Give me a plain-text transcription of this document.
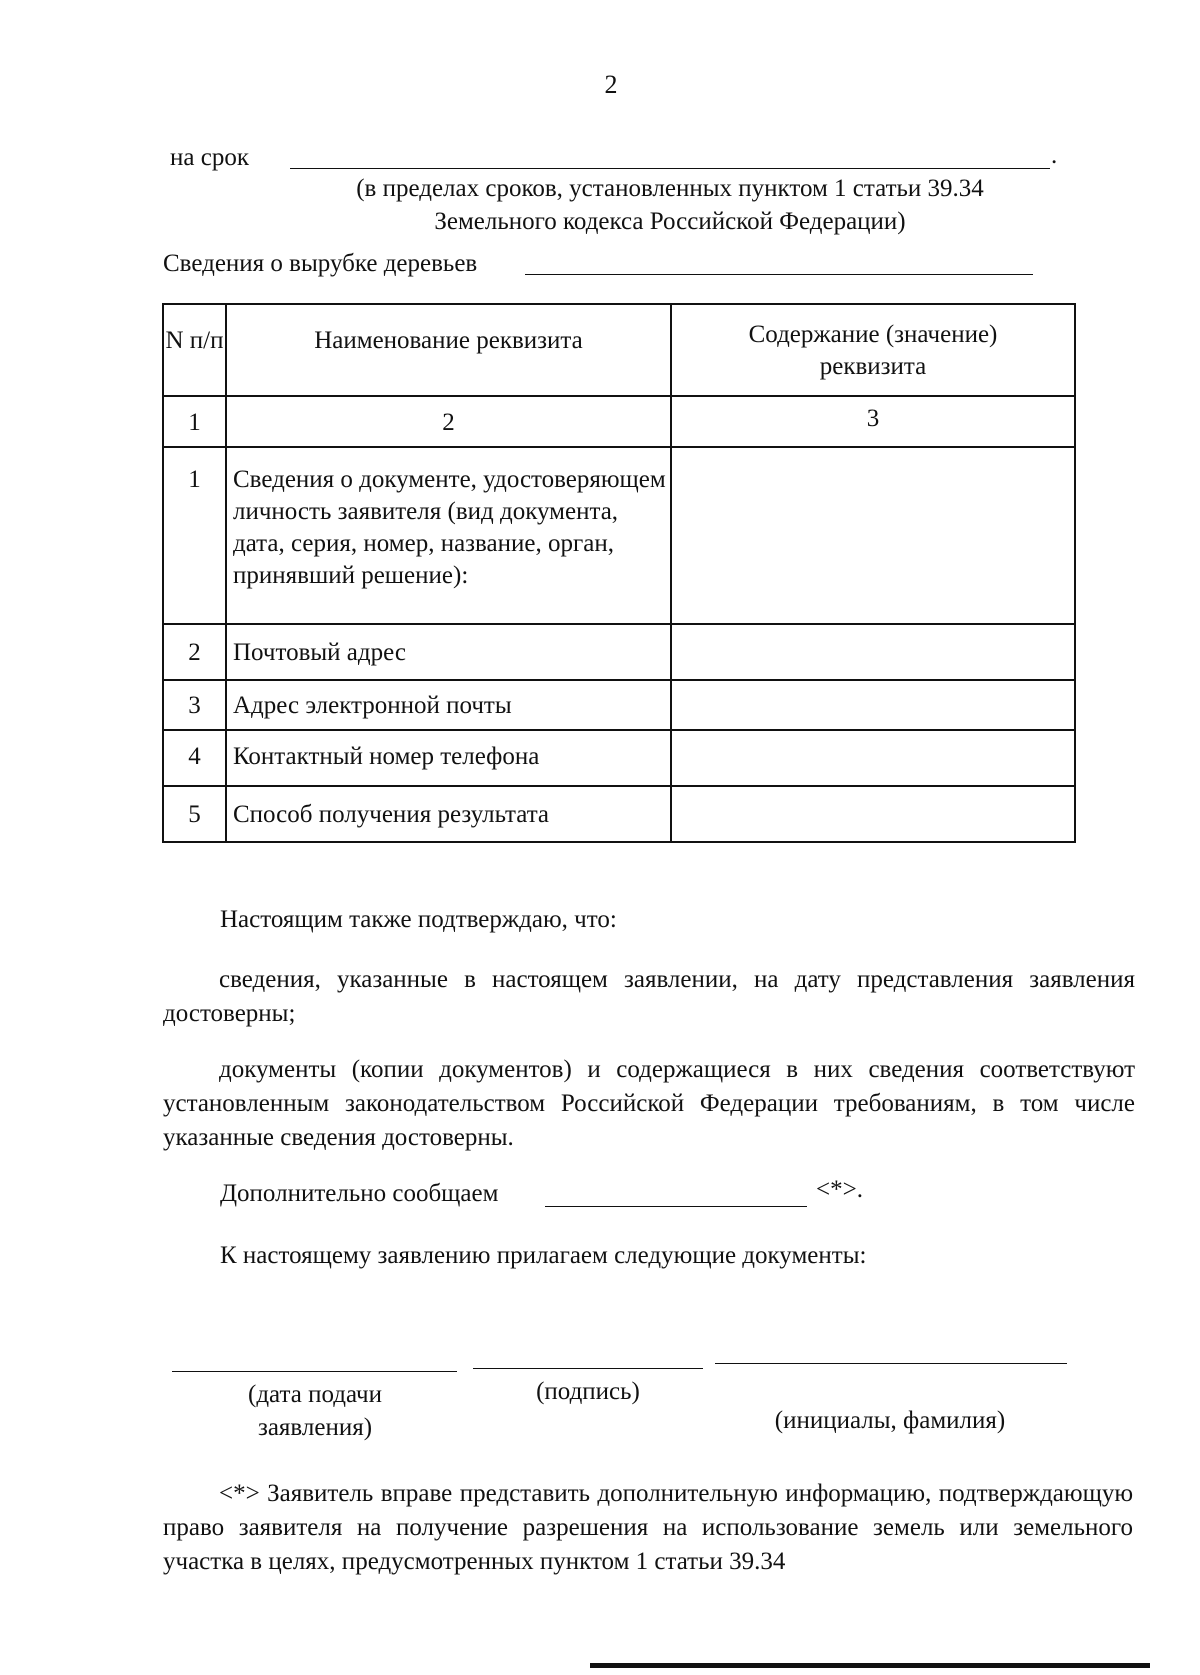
2
на срок	.
(в пределах сроков, установленных пунктом 1 статьи 39.34
Земельного кодекса Российской Федерации)
Сведения о вырубке деревьев
N п/п	Наименование реквизита	Содержание (значение) реквизита
1	2	3
1	Сведения о документе, удостоверяющем личность заявителя (вид документа, дата, серия, номер, название, орган, принявший решение):	
2	Почтовый адрес	
3	Адрес электронной почты	
4	Контактный номер телефона	
5	Способ получения результата	
Настоящим также подтверждаю, что:
сведения, указанные в настоящем заявлении, на дату представления заявления достоверны;
документы (копии документов) и содержащиеся в них сведения соответствуют установленным законодательством Российской Федерации требованиям, в том числе указанные сведения достоверны.
Дополнительно сообщаем	<*>.
К настоящему заявлению прилагаем следующие документы:
(дата подачи
заявления)
(подпись)
(инициалы, фамилия)
<*> Заявитель вправе представить дополнительную информацию, подтверждающую право заявителя на получение разрешения на использование земель или земельного участка в целях, предусмотренных пунктом 1 статьи 39.34
